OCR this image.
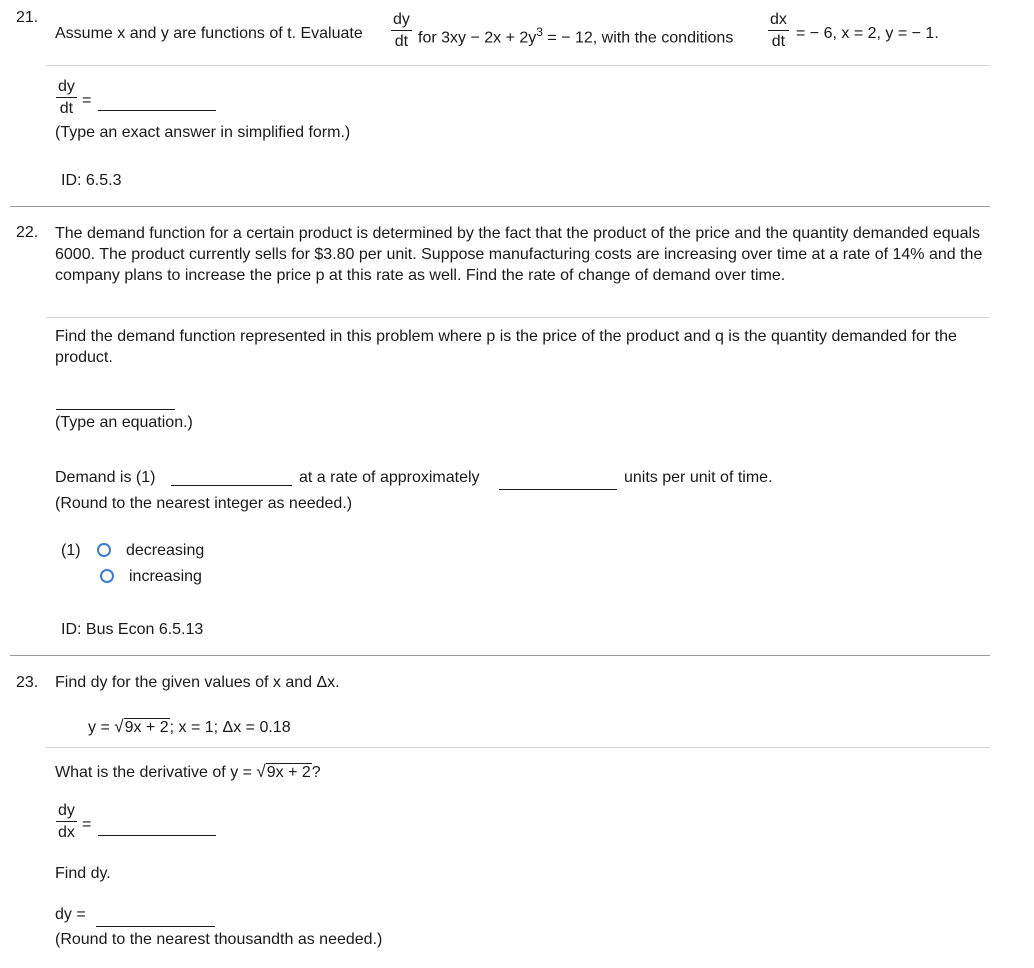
21.
Assume x and y are functions of t. Evaluate $\frac{dy}{dt}$ for $3xy - 2x + 2y^3$ = − 12, with the conditions $\frac{dx}{dt}$ = − 6, x = 2, y = − 1.
$\frac{dy}{dt}$ =
(Type an exact answer in simplified form.)
ID: 6.5.3
22. The demand function for a certain product is determined by the fact that the product of the price and the quantity demanded equals 6000. The product currently sells for $3.80 per unit. Suppose manufacturing costs are increasing over time at a rate of 14% and the company plans to increase the price p at this rate as well. Find the rate of change of demand over time.
Find the demand function represented in this problem where p is the price of the product and q is the quantity demanded for the product.
(Type an equation.)
Demand is (1)	at a rate of approximately	units per unit of time.
(Round to the nearest integer as needed.)
(1)	decreasing
increasing
ID: Bus Econ 6.5.13
23. Find dy for the given values of x and Δx.
y = √9x + 2; x = 1; Δx = 0.18
What is the derivative of y = √9x + 2?
$\frac{dy}{dx}$ =
Find dy.
dy =
(Round to the nearest thousandth as needed.)
